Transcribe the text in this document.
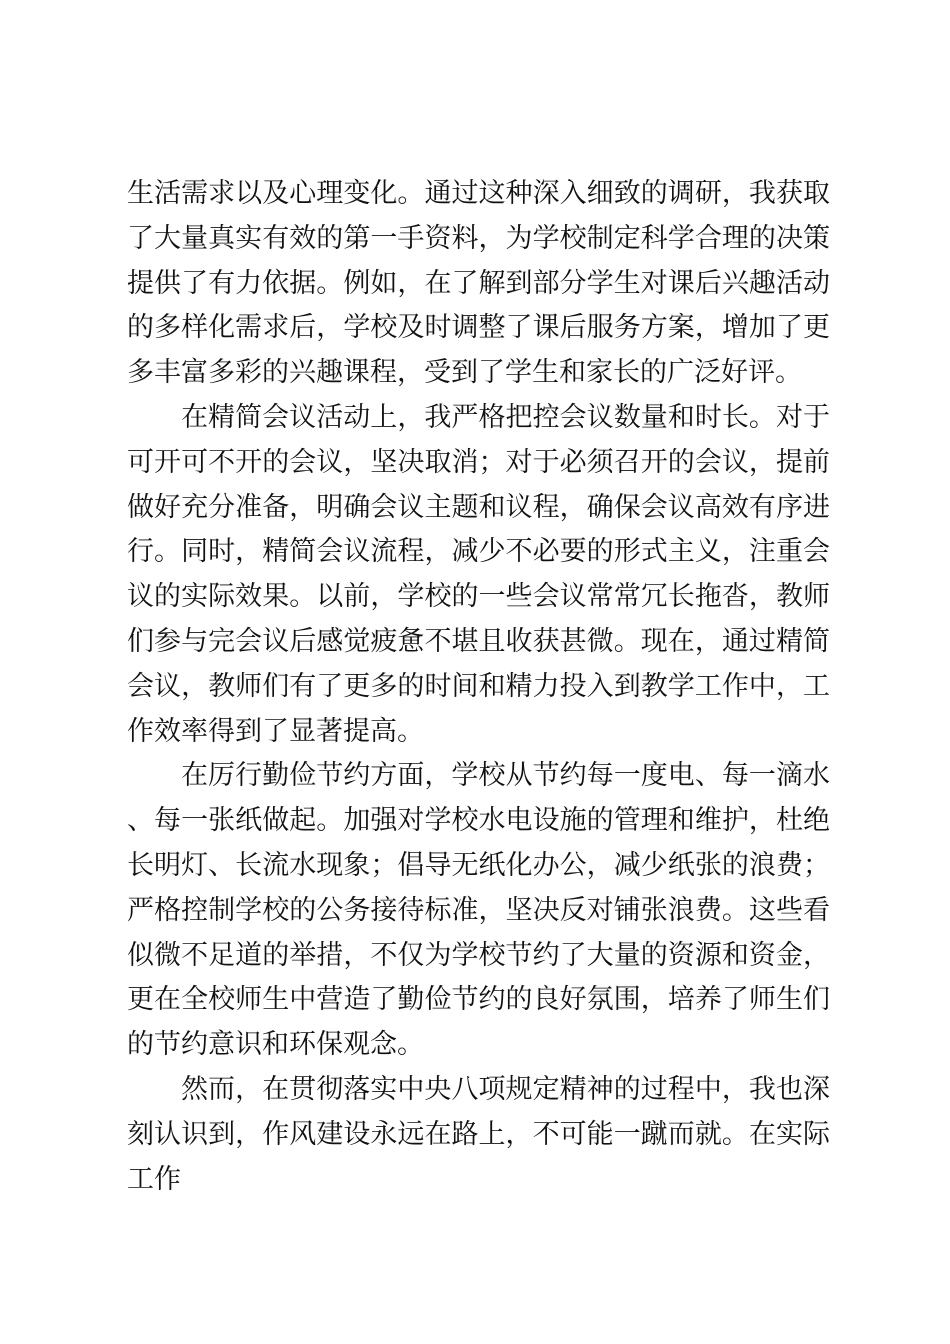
生活需求以及心理变化。通过这种深入细致的调研，我获取了大量真实有效的第一手资料，为学校制定科学合理的决策提供了有力依据。例如，在了解到部分学生对课后兴趣活动的多样化需求后，学校及时调整了课后服务方案，增加了更多丰富多彩的兴趣课程，受到了学生和家长的广泛好评。

在精简会议活动上，我严格把控会议数量和时长。对于可开可不开的会议，坚决取消；对于必须召开的会议，提前做好充分准备，明确会议主题和议程，确保会议高效有序进行。同时，精简会议流程，减少不必要的形式主义，注重会议的实际效果。以前，学校的一些会议常常冗长拖沓，教师们参与完会议后感觉疲惫不堪且收获甚微。现在，通过精简会议，教师们有了更多的时间和精力投入到教学工作中，工作效率得到了显著提高。

在厉行勤俭节约方面，学校从节约每一度电、每一滴水、每一张纸做起。加强对学校水电设施的管理和维护，杜绝长明灯、长流水现象；倡导无纸化办公，减少纸张的浪费；严格控制学校的公务接待标准，坚决反对铺张浪费。这些看似微不足道的举措，不仅为学校节约了大量的资源和资金，更在全校师生中营造了勤俭节约的良好氛围，培养了师生们的节约意识和环保观念。

然而，在贯彻落实中央八项规定精神的过程中，我也深刻认识到，作风建设永远在路上，不可能一蹴而就。在实际工作
